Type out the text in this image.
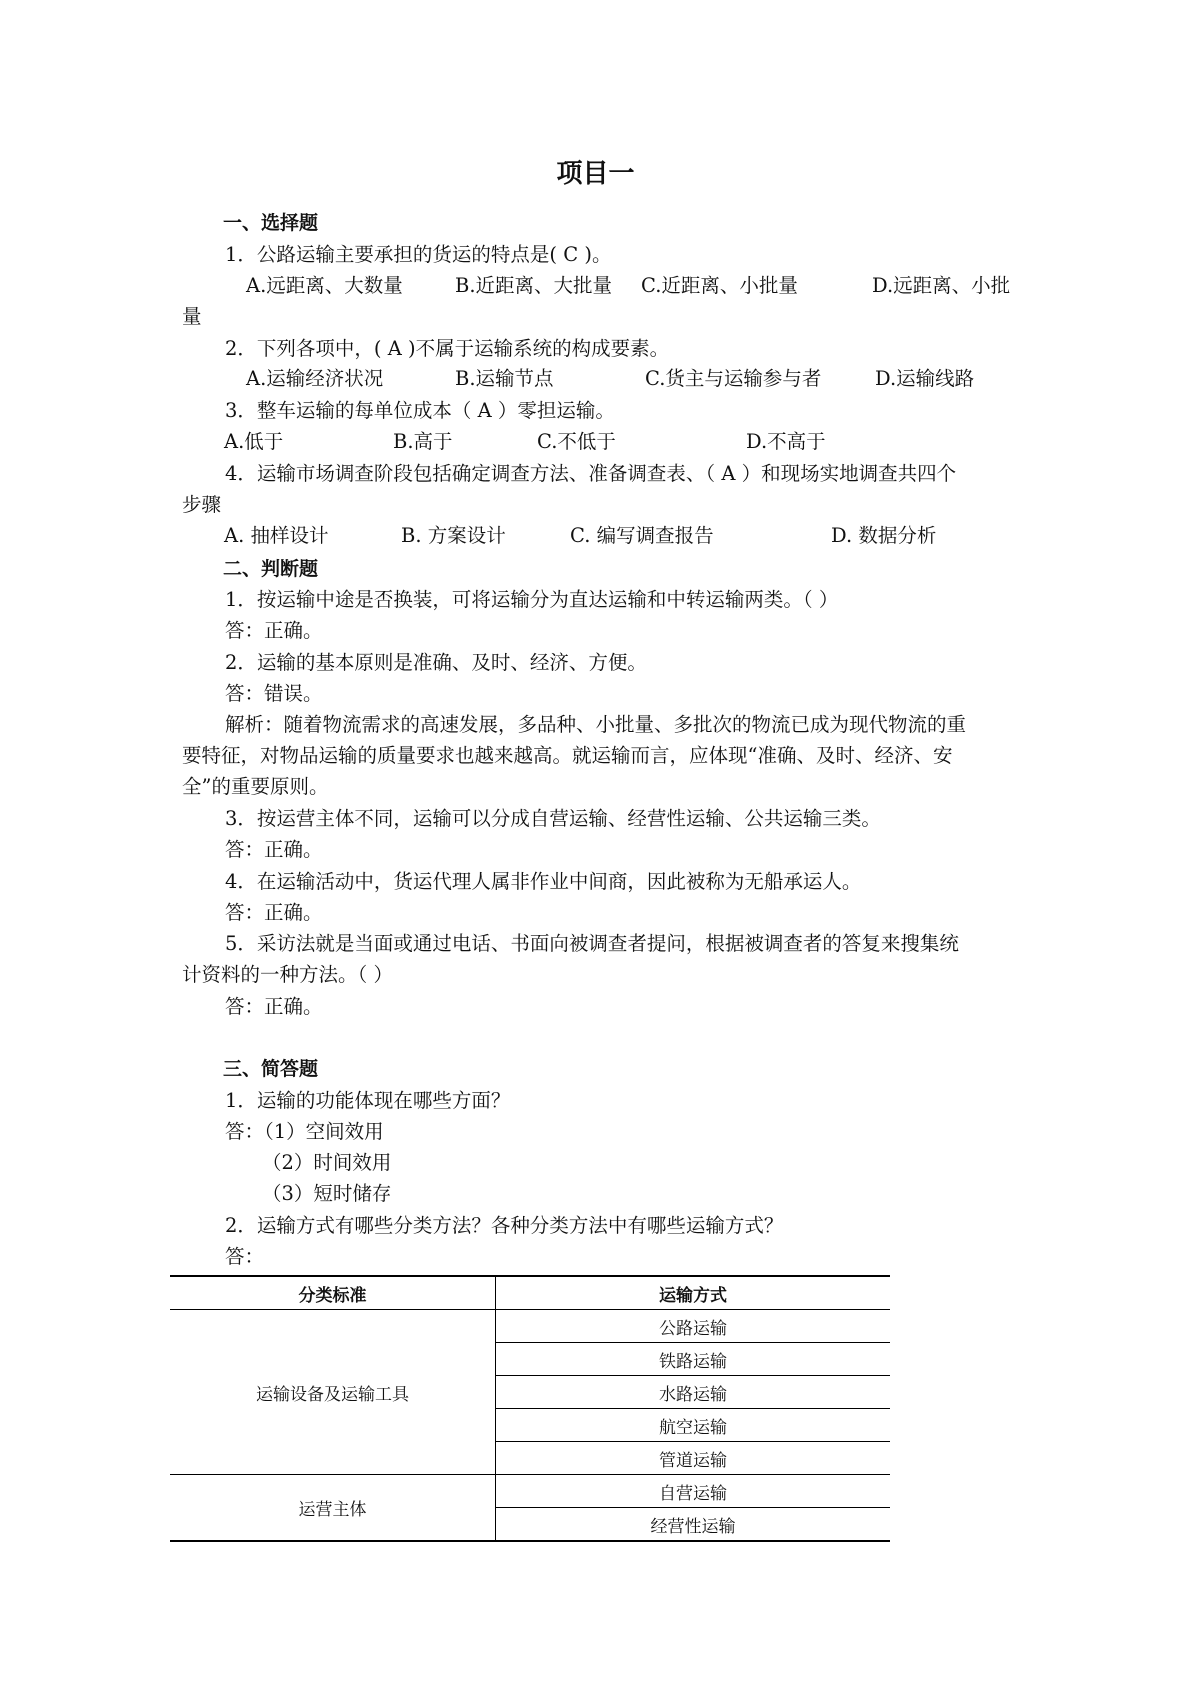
项目一
一、选择题
1．公路运输主要承担的货运的特点是( C )。
A.远距离、大数量	B.近距离、大批量 C.近距离、小批量	D.远距离、小批
量
2．下列各项中，( A )不属于运输系统的构成要素。
A.运输经济状况	B.运输节点	C.货主与运输参与者	D.运输线路
3．整车运输的每单位成本（ A ）零担运输。
A.低于	B.高于	C.不低于	D.不高于
4．运输市场调查阶段包括确定调查方法、准备调查表、（ A ）和现场实地调查共四个
步骤
A. 抽样设计	B. 方案设计	C. 编写调查报告	D. 数据分析
二、判断题
1．按运输中途是否换装，可将运输分为直达运输和中转运输两类。（ ）
答：正确。
2．运输的基本原则是准确、及时、经济、方便。
答：错误。
解析：随着物流需求的高速发展，多品种、小批量、多批次的物流已成为现代物流的重
要特征，对物品运输的质量要求也越来越高。就运输而言，应体现“准确、及时、经济、安
全”的重要原则。
3．按运营主体不同，运输可以分成自营运输、经营性运输、公共运输三类。
答：正确。
4．在运输活动中，货运代理人属非作业中间商，因此被称为无船承运人。
答：正确。
5．采访法就是当面或通过电话、书面向被调查者提问，根据被调查者的答复来搜集统
计资料的一种方法。（ ）
答：正确。
三、简答题
1．运输的功能体现在哪些方面？
答：（1）空间效用
（2）时间效用
（3）短时储存
2．运输方式有哪些分类方法？各种分类方法中有哪些运输方式？
答：
分类标准	运输方式
运输设备及运输工具	公路运输
	铁路运输
	水路运输
	航空运输
	管道运输
运营主体	自营运输
	经营性运输
